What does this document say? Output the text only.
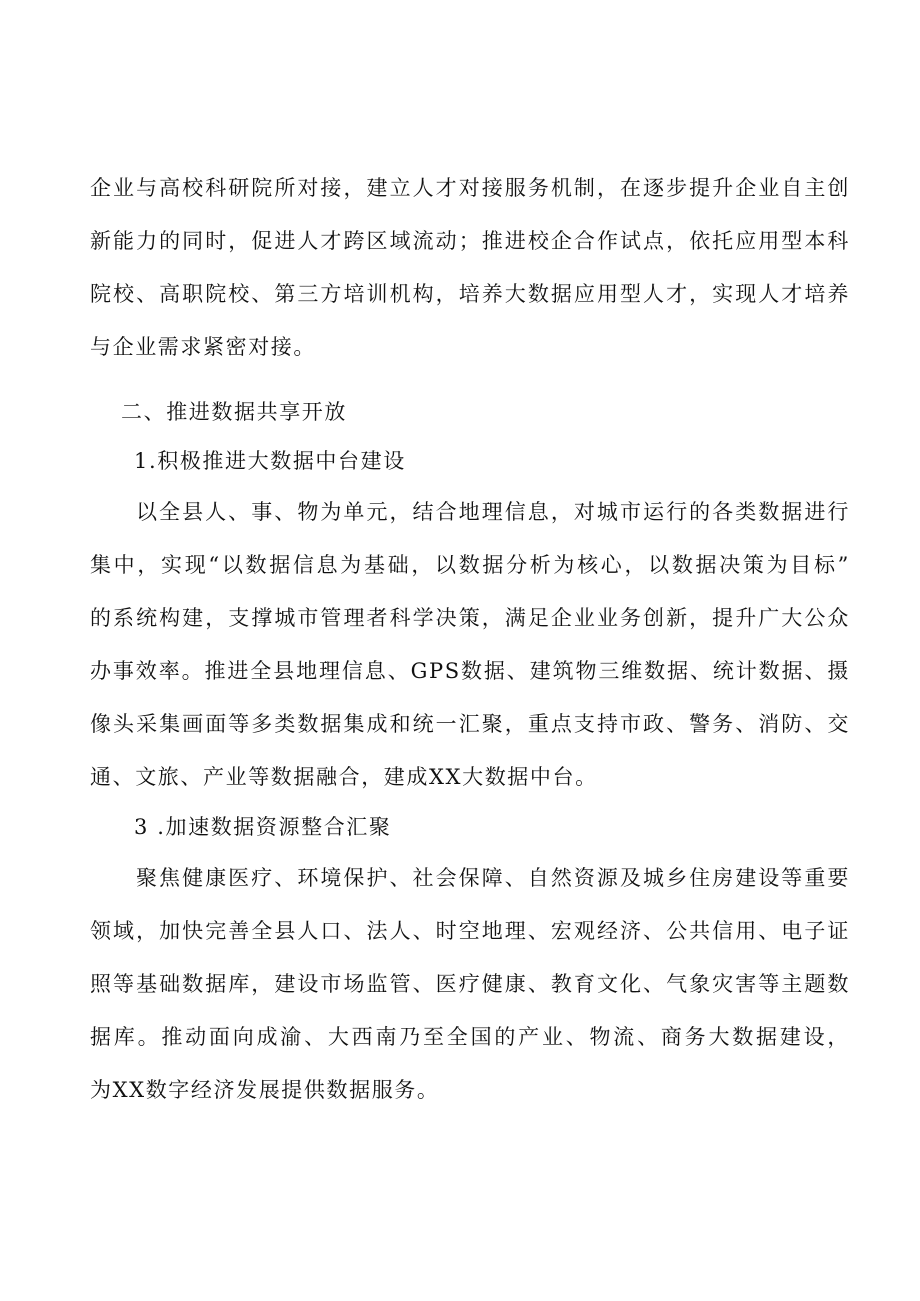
企业与高校科研院所对接，建立人才对接服务机制，在逐步提升企业自主创
新能力的同时，促进人才跨区域流动；推进校企合作试点，依托应用型本科
院校、高职院校、第三方培训机构，培养大数据应用型人才，实现人才培养
与企业需求紧密对接。
二、推进数据共享开放
1.积极推进大数据中台建设
以全县人、事、物为单元，结合地理信息，对城市运行的各类数据进行
集中，实现“以数据信息为基础，以数据分析为核心，以数据决策为目标”
的系统构建，支撑城市管理者科学决策，满足企业业务创新，提升广大公众
办事效率。推进全县地理信息、GPS数据、建筑物三维数据、统计数据、摄
像头采集画面等多类数据集成和统一汇聚，重点支持市政、警务、消防、交
通、文旅、产业等数据融合，建成XX大数据中台。
3 .加速数据资源整合汇聚
聚焦健康医疗、环境保护、社会保障、自然资源及城乡住房建设等重要
领域，加快完善全县人口、法人、时空地理、宏观经济、公共信用、电子证
照等基础数据库，建设市场监管、医疗健康、教育文化、气象灾害等主题数
据库。推动面向成渝、大西南乃至全国的产业、物流、商务大数据建设，
为XX数字经济发展提供数据服务。
